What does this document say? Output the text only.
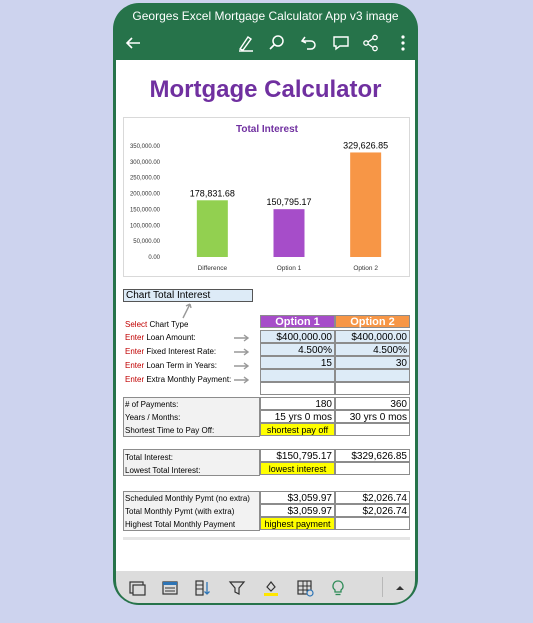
Georges Excel Mortgage Calculator App v3 image
Mortgage Calculator
Total Interest
0.00
50,000.00
100,000.00
150,000.00
200,000.00
250,000.00
300,000.00
350,000.00
178,831.68
Difference
150,795.17
Option 1
329,626.85
Option 2
Chart Total Interest
Select Chart Type	Option 1	Option 2
Enter Loan Amount:	$400,000.00	$400,000.00
Enter Fixed Interest Rate:	4.500%	4.500%
Enter Loan Term in Years:	15	30
Enter Extra Monthly Payment:
# of Payments:	180	360
Years / Months:	15 yrs 0 mos	30 yrs 0 mos
Shortest Time to Pay Off:	shortest pay off
Total Interest:	$150,795.17	$329,626.85
Lowest Total Interest:	lowest interest
Scheduled Monthly Pymt (no extra)	$3,059.97	$2,026.74
Total Monthly Pymt (with extra)	$3,059.97	$2,026.74
Highest Total Monthly Payment	highest payment
